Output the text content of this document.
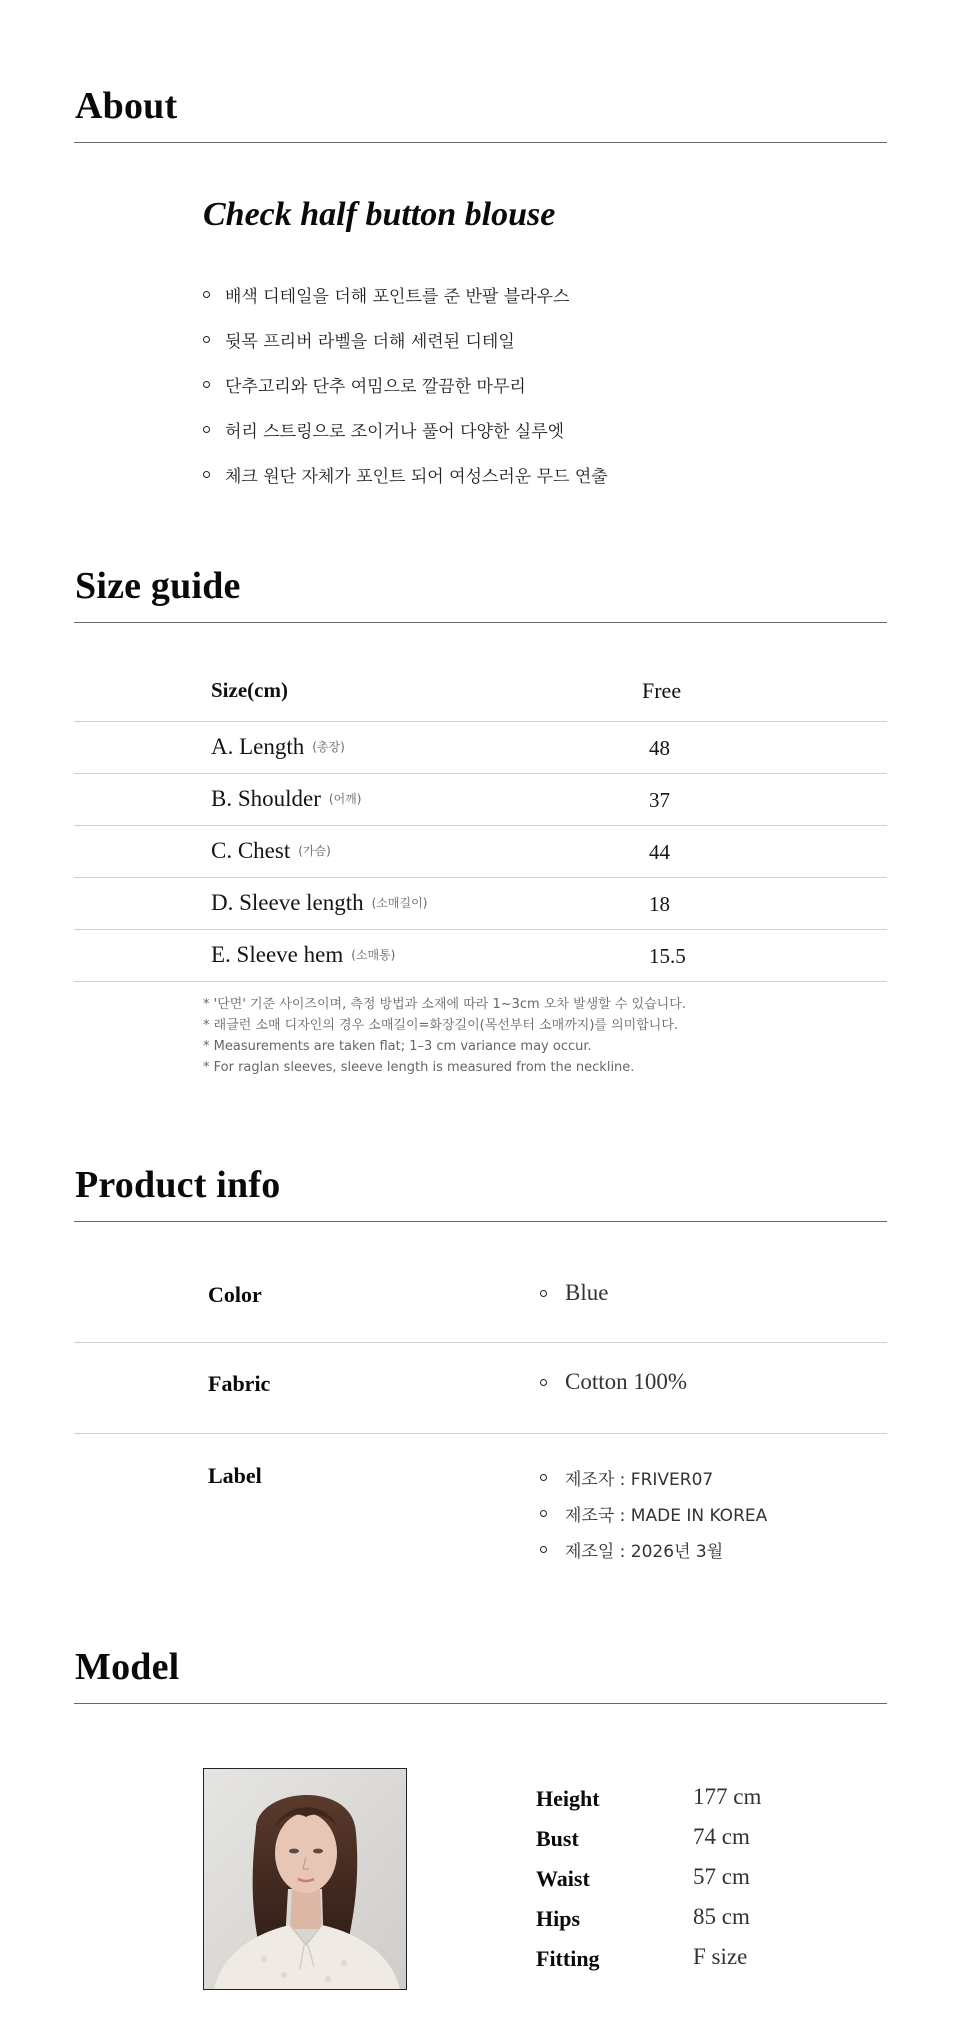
About
Check half button blouse
배색 디테일을 더해 포인트를 준 반팔 블라우스
뒷목 프리버 라벨을 더해 세련된 디테일
단추고리와 단추 여밈으로 깔끔한 마무리
허리 스트링으로 조이거나 풀어 다양한 실루엣
체크 원단 자체가 포인트 되어 여성스러운 무드 연출
Size guide
Size(cm)	Free
A. Length $^{(총장)}$	48
B. Shoulder $^{(어깨)}$	37
C. Chest $^{(가슴)}$	44
D. Sleeve length $^{(소매길이)}$	18
E. Sleeve hem $^{(소매통)}$	15.5
* '단면' 기준 사이즈이며, 측정 방법과 소재에 따라 1~3cm 오차 발생할 수 있습니다.
* 래글런 소매 디자인의 경우 소매길이=화장길이(목선부터 소매까지)를 의미합니다.
* Measurements are taken flat; 1–3 cm variance may occur.
* For raglan sleeves, sleeve length is measured from the neckline.
Product info
Color	Blue
Fabric	Cotton 100%
Label	제조자 : FRIVER07
제조국 : MADE IN KOREA
제조일 : 2026년 3월
Model
Height	177 cm
Bust	74 cm
Waist	57 cm
Hips	85 cm
Fitting	F size
